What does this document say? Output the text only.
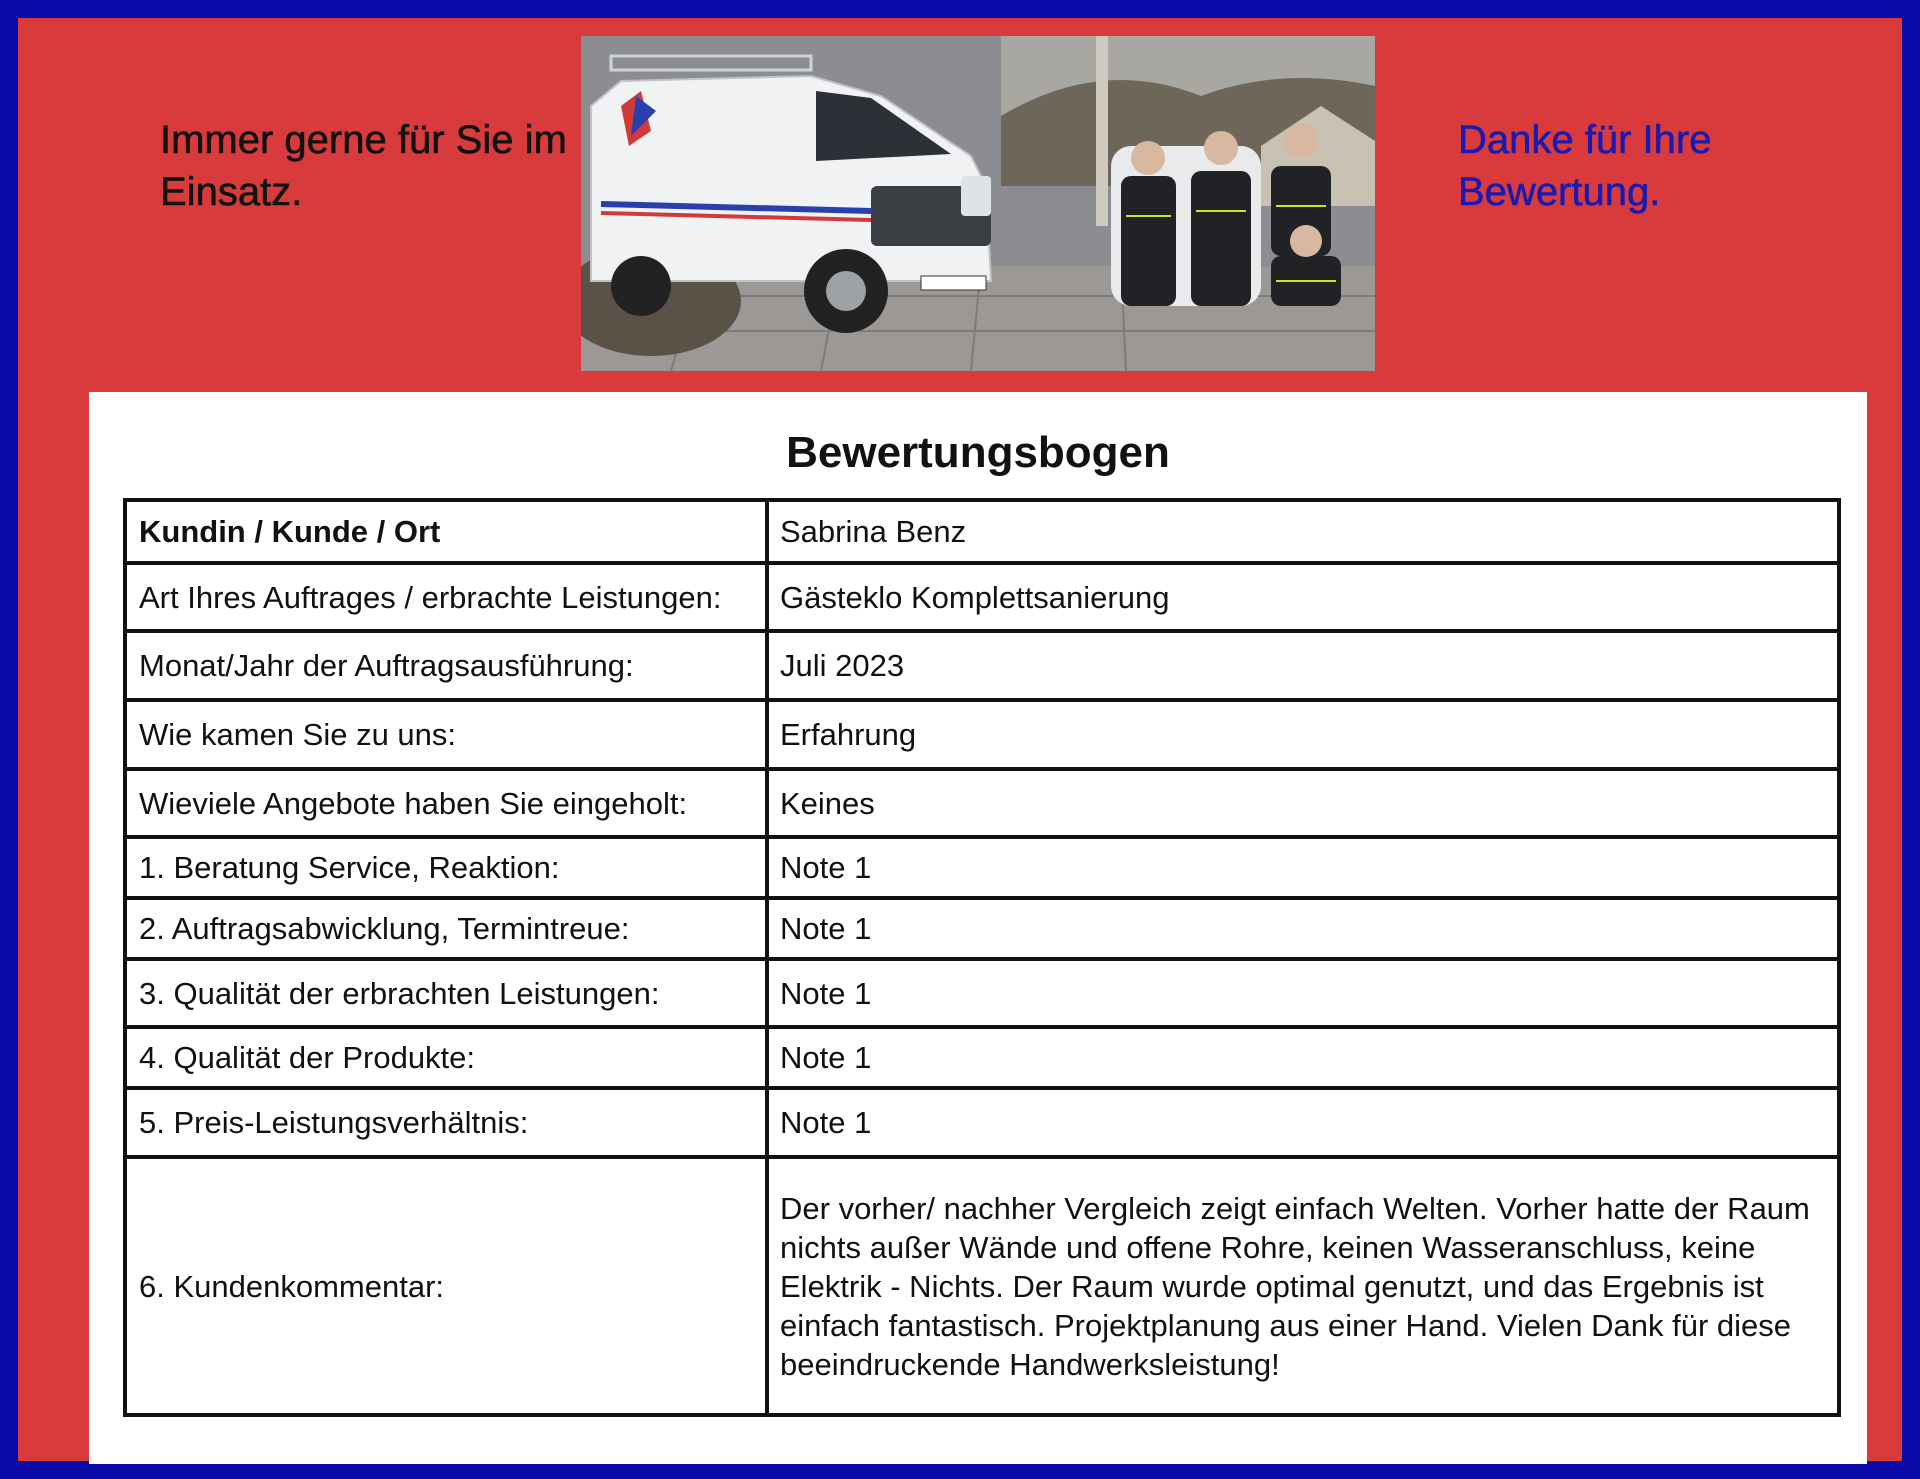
Immer gerne für Sie im Einsatz.
Danke für Ihre Bewertung.
Bewertungsbogen
Kundin / Kunde / Ort	Sabrina Benz
Art Ihres Auftrages / erbrachte Leistungen:	Gästeklo Komplettsanierung
Monat/Jahr der Auftragsausführung:	Juli 2023
Wie kamen Sie zu uns:	Erfahrung
Wieviele Angebote haben Sie eingeholt:	Keines
1. Beratung Service, Reaktion:	Note 1
2. Auftragsabwicklung, Termintreue:	Note 1
3. Qualität der erbrachten Leistungen:	Note 1
4. Qualität der Produkte:	Note 1
5. Preis-Leistungsverhältnis:	Note 1
6. Kundenkommentar:	Der vorher/ nachher Vergleich zeigt einfach Welten. Vorher hatte der Raum nichts außer Wände und offene Rohre, keinen Wasseranschluss, keine Elektrik - Nichts. Der Raum wurde optimal genutzt, und das Ergebnis ist einfach fantastisch. Projektplanung aus einer Hand. Vielen Dank für diese beeindruckende Handwerksleistung!
